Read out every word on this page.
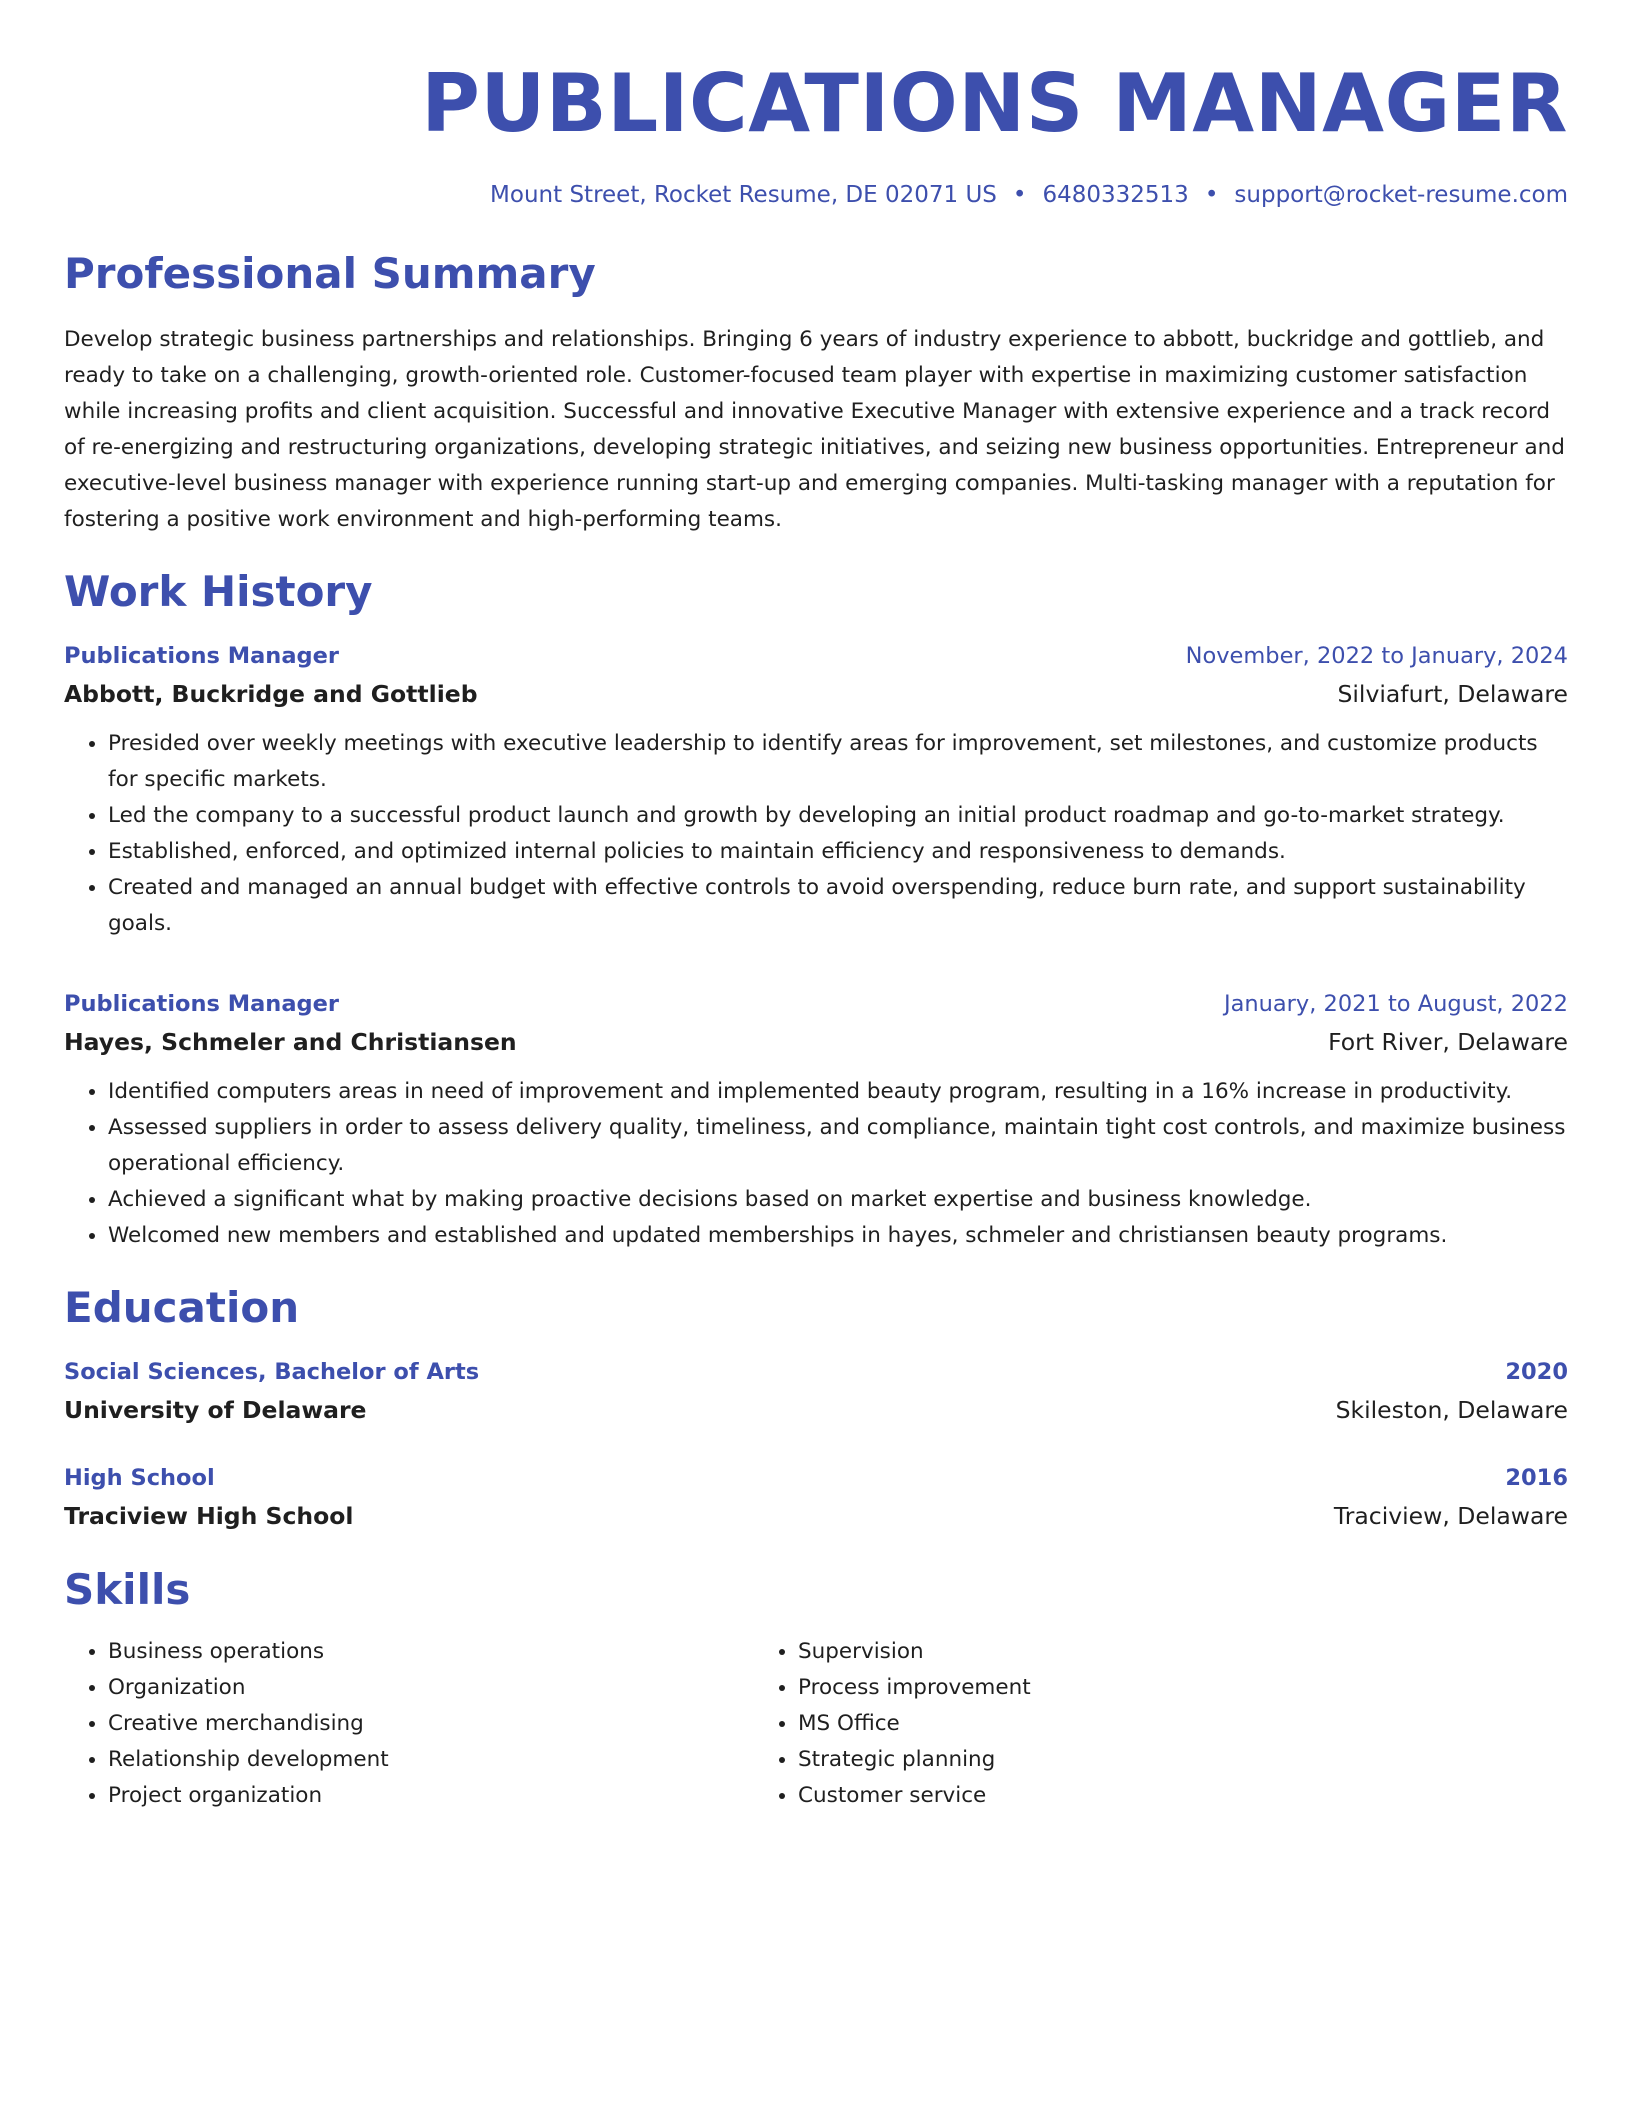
PUBLICATIONS MANAGER
Mount Street, Rocket Resume, DE 02071 US • 6480332513 • support@rocket-resume.com
Professional Summary
Develop strategic business partnerships and relationships. Bringing 6 years of industry experience to abbott, buckridge and gottlieb, and ready to take on a challenging, growth-oriented role. Customer-focused team player with expertise in maximizing customer satisfaction while increasing profits and client acquisition. Successful and innovative Executive Manager with extensive experience and a track record of re-energizing and restructuring organizations, developing strategic initiatives, and seizing new business opportunities. Entrepreneur and executive-level business manager with experience running start-up and emerging companies. Multi-tasking manager with a reputation for fostering a positive work environment and high-performing teams.
Work History
Publications Manager	November, 2022 to January, 2024
Abbott, Buckridge and Gottlieb	Silviafurt, Delaware
• Presided over weekly meetings with executive leadership to identify areas for improvement, set milestones, and customize products for specific markets.
• Led the company to a successful product launch and growth by developing an initial product roadmap and go-to-market strategy.
• Established, enforced, and optimized internal policies to maintain efficiency and responsiveness to demands.
• Created and managed an annual budget with effective controls to avoid overspending, reduce burn rate, and support sustainability goals.
Publications Manager	January, 2021 to August, 2022
Hayes, Schmeler and Christiansen	Fort River, Delaware
• Identified computers areas in need of improvement and implemented beauty program, resulting in a 16% increase in productivity.
• Assessed suppliers in order to assess delivery quality, timeliness, and compliance, maintain tight cost controls, and maximize business operational efficiency.
• Achieved a significant what by making proactive decisions based on market expertise and business knowledge.
• Welcomed new members and established and updated memberships in hayes, schmeler and christiansen beauty programs.
Education
Social Sciences, Bachelor of Arts	2020
University of Delaware	Skileston, Delaware
High School	2016
Traciview High School	Traciview, Delaware
Skills
• Business operations
• Organization
• Creative merchandising
• Relationship development
• Project organization
• Supervision
• Process improvement
• MS Office
• Strategic planning
• Customer service
